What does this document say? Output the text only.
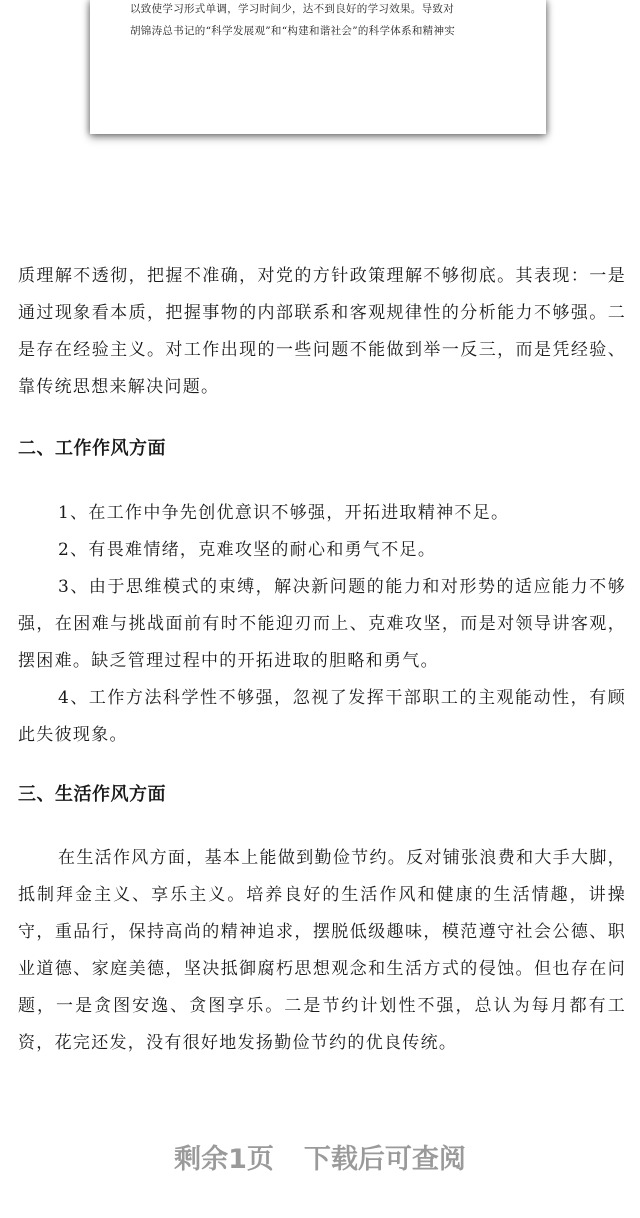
以致使学习形式单调，学习时间少，达不到良好的学习效果。导致对
胡锦涛总书记的“科学发展观”和“构建和谐社会”的科学体系和精神实
质理解不透彻，把握不准确，对党的方针政策理解不够彻底。其表现：一是通过现象看本质，把握事物的内部联系和客观规律性的分析能力不够强。二是存在经验主义。对工作出现的一些问题不能做到举一反三，而是凭经验、靠传统思想来解决问题。
二、工作作风方面
1、在工作中争先创优意识不够强，开拓进取精神不足。
2、有畏难情绪，克难攻坚的耐心和勇气不足。
3、由于思维模式的束缚，解决新问题的能力和对形势的适应能力不够强，在困难与挑战面前有时不能迎刃而上、克难攻坚，而是对领导讲客观，摆困难。缺乏管理过程中的开拓进取的胆略和勇气。
4、工作方法科学性不够强，忽视了发挥干部职工的主观能动性，有顾此失彼现象。
三、生活作风方面
在生活作风方面，基本上能做到勤俭节约。反对铺张浪费和大手大脚，抵制拜金主义、享乐主义。培养良好的生活作风和健康的生活情趣，讲操守，重品行，保持高尚的精神追求，摆脱低级趣味，模范遵守社会公德、职业道德、家庭美德，坚决抵御腐朽思想观念和生活方式的侵蚀。但也存在问题，一是贪图安逸、贪图享乐。二是节约计划性不强，总认为每月都有工资，花完还发，没有很好地发扬勤俭节约的优良传统。
剩余1页 下载后可查阅
